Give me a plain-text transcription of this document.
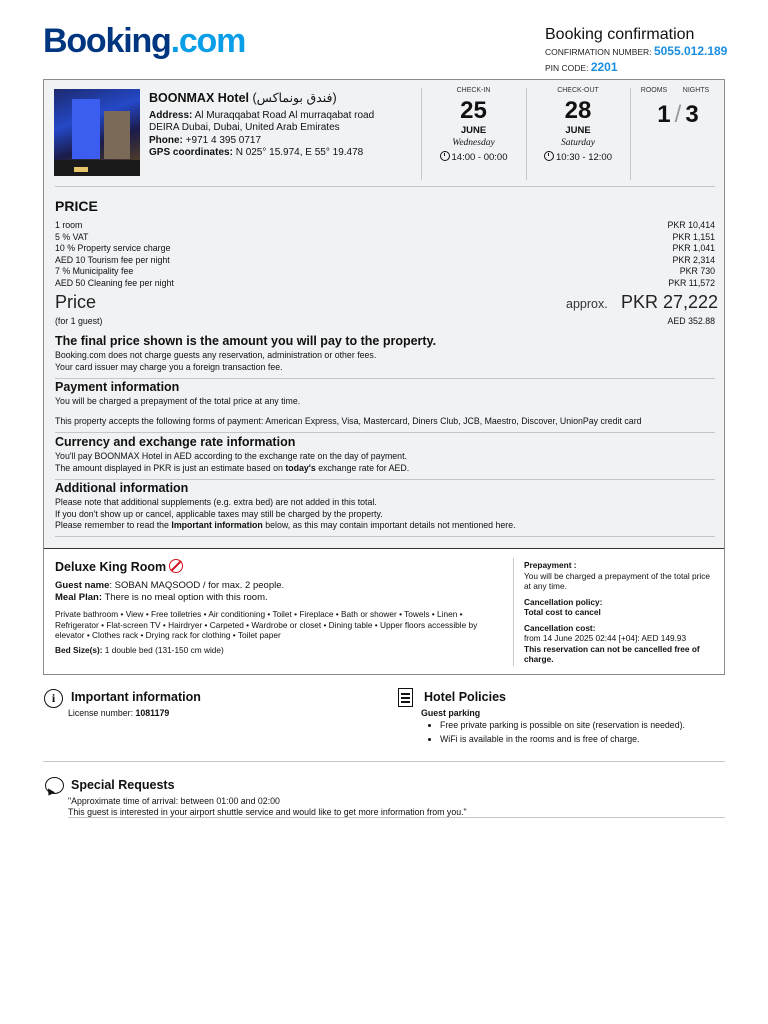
Booking.com	Booking confirmation
CONFIRMATION NUMBER: 5055.012.189
PIN CODE: 2201
BOONMAX Hotel (فندق بونماكس)
Address: Al Muraqqabat Road Al murraqabat road
DEIRA Dubai, Dubai, United Arab Emirates
Phone: +971 4 395 0717
GPS coordinates: N 025° 15.974, E 55° 19.478
CHECK-IN
25
JUNE
Wednesday
14:00 - 00:00
CHECK-OUT
28
JUNE
Saturday
10:30 - 12:00
ROOMS	NIGHTS
1 / 3
PRICE
1 room	PKR 10,414
5 % VAT	PKR 1,151
10 % Property service charge	PKR 1,041
AED 10 Tourism fee per night	PKR 2,314
7 % Municipality fee	PKR 730
AED 50 Cleaning fee per night	PKR 11,572
Price	approx. PKR 27,222
(for 1 guest)	AED 352.88
The final price shown is the amount you will pay to the property.
Booking.com does not charge guests any reservation, administration or other fees.
Your card issuer may charge you a foreign transaction fee.
Payment information
You will be charged a prepayment of the total price at any time.
This property accepts the following forms of payment: American Express, Visa, Mastercard, Diners Club, JCB, Maestro, Discover, UnionPay credit card
Currency and exchange rate information
You'll pay BOONMAX Hotel in AED according to the exchange rate on the day of payment.
The amount displayed in PKR is just an estimate based on today's exchange rate for AED.
Additional information
Please note that additional supplements (e.g. extra bed) are not added in this total.
If you don't show up or cancel, applicable taxes may still be charged by the property.
Please remember to read the Important information below, as this may contain important details not mentioned here.
Deluxe King Room
Guest name: SOBAN MAQSOOD / for max. 2 people.
Meal Plan: There is no meal option with this room.
Private bathroom • View • Free toiletries • Air conditioning • Toilet • Fireplace • Bath or shower • Towels • Linen • Refrigerator • Flat-screen TV • Hairdryer • Carpeted • Wardrobe or closet • Dining table • Upper floors accessible by elevator • Clothes rack • Drying rack for clothing • Toilet paper
Bed Size(s): 1 double bed (131-150 cm wide)
Prepayment :
You will be charged a prepayment of the total price at any time.
Cancellation policy:
Total cost to cancel
Cancellation cost:
from 14 June 2025 02:44 [+04]: AED 149.93
This reservation can not be cancelled free of charge.
i	Important information
License number: 1081179
Hotel Policies
Guest parking
• Free private parking is possible on site (reservation is needed).
• WiFi is available in the rooms and is free of charge.
Special Requests
"Approximate time of arrival: between 01:00 and 02:00
This guest is interested in your airport shuttle service and would like to get more information from you."
